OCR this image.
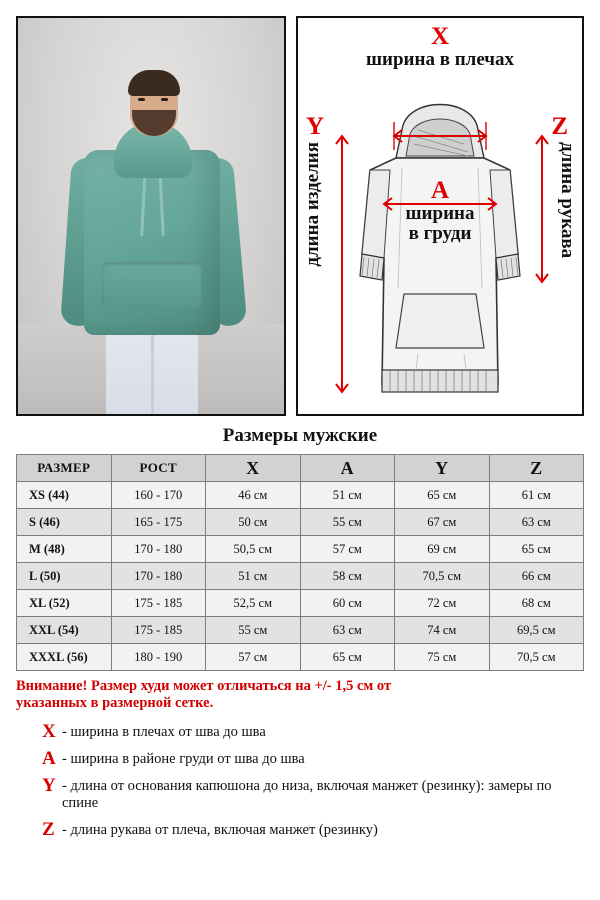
X
ширина в плечах
A
ширина
в груди
Y
длина изделия
Z
длина рукава
Размеры мужские
РАЗМЕР	РОСТ	X	A	Y	Z
XS (44)	160 - 170	46 см	51 см	65 см	61 см
S (46)	165 - 175	50 см	55 см	67 см	63 см
M (48)	170 - 180	50,5 см	57 см	69 см	65 см
L (50)	170 - 180	51 см	58 см	70,5 см	66 см
XL (52)	175 - 185	52,5 см	60 см	72 см	68 см
XXL (54)	175 - 185	55 см	63 см	74 см	69,5 см
XXXL (56)	180 - 190	57 см	65 см	75 см	70,5 см
Внимание! Размер худи может отличаться на +/- 1,5 см от
указанных в размерной сетке.
X - ширина в плечах от шва до шва
A - ширина в районе груди от шва до шва
Y - длина от основания капюшона до низа, включая манжет (резинку): замеры по спине
Z - длина рукава от плеча, включая манжет (резинку)
